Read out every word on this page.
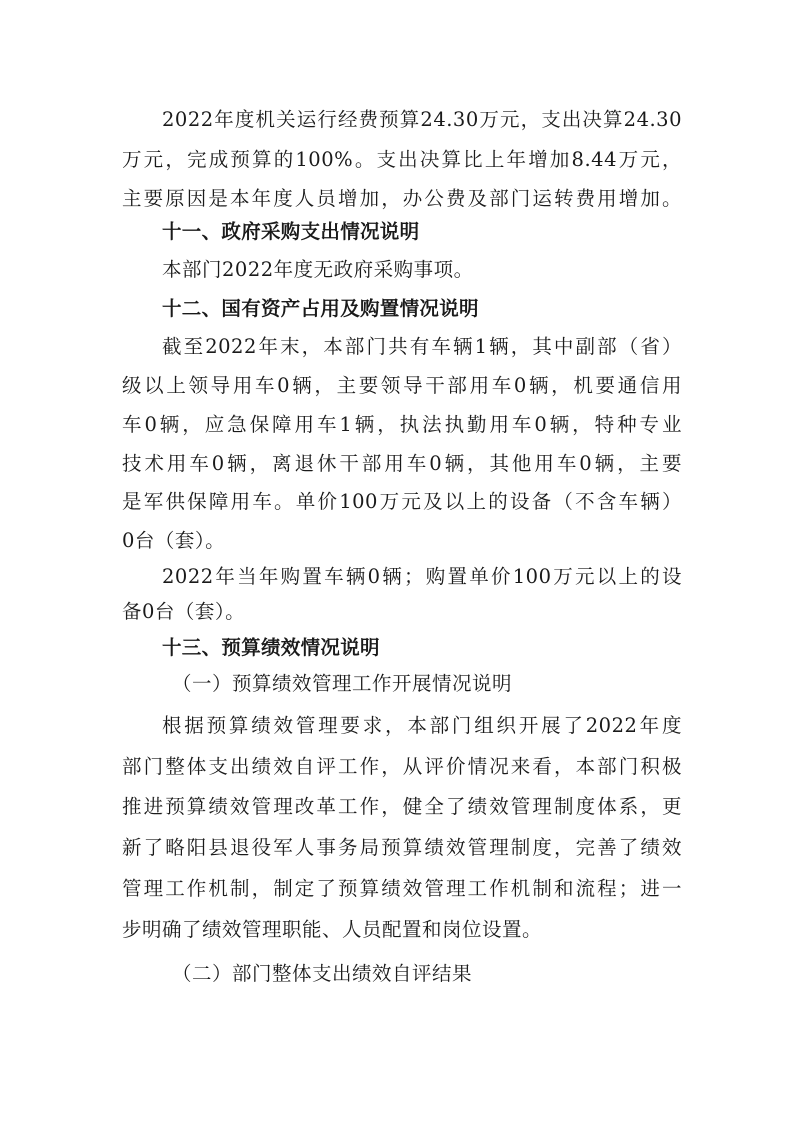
2022年度机关运行经费预算24.30万元，支出决算24.30
万元，完成预算的100%。支出决算比上年增加8.44万元，
主要原因是本年度人员增加，办公费及部门运转费用增加。
十一、政府采购支出情况说明
本部门2022年度无政府采购事项。
十二、国有资产占用及购置情况说明
截至2022年末，本部门共有车辆1辆，其中副部（省）
级以上领导用车0辆，主要领导干部用车0辆，机要通信用
车0辆，应急保障用车1辆，执法执勤用车0辆，特种专业
技术用车0辆，离退休干部用车0辆，其他用车0辆，主要
是军供保障用车。单价100万元及以上的设备（不含车辆）
0台（套）。
2022年当年购置车辆0辆；购置单价100万元以上的设
备0台（套）。
十三、预算绩效情况说明
（一）预算绩效管理工作开展情况说明
根据预算绩效管理要求，本部门组织开展了2022年度
部门整体支出绩效自评工作，从评价情况来看，本部门积极
推进预算绩效管理改革工作，健全了绩效管理制度体系，更
新了略阳县退役军人事务局预算绩效管理制度，完善了绩效
管理工作机制，制定了预算绩效管理工作机制和流程；进一
步明确了绩效管理职能、人员配置和岗位设置。
（二）部门整体支出绩效自评结果
